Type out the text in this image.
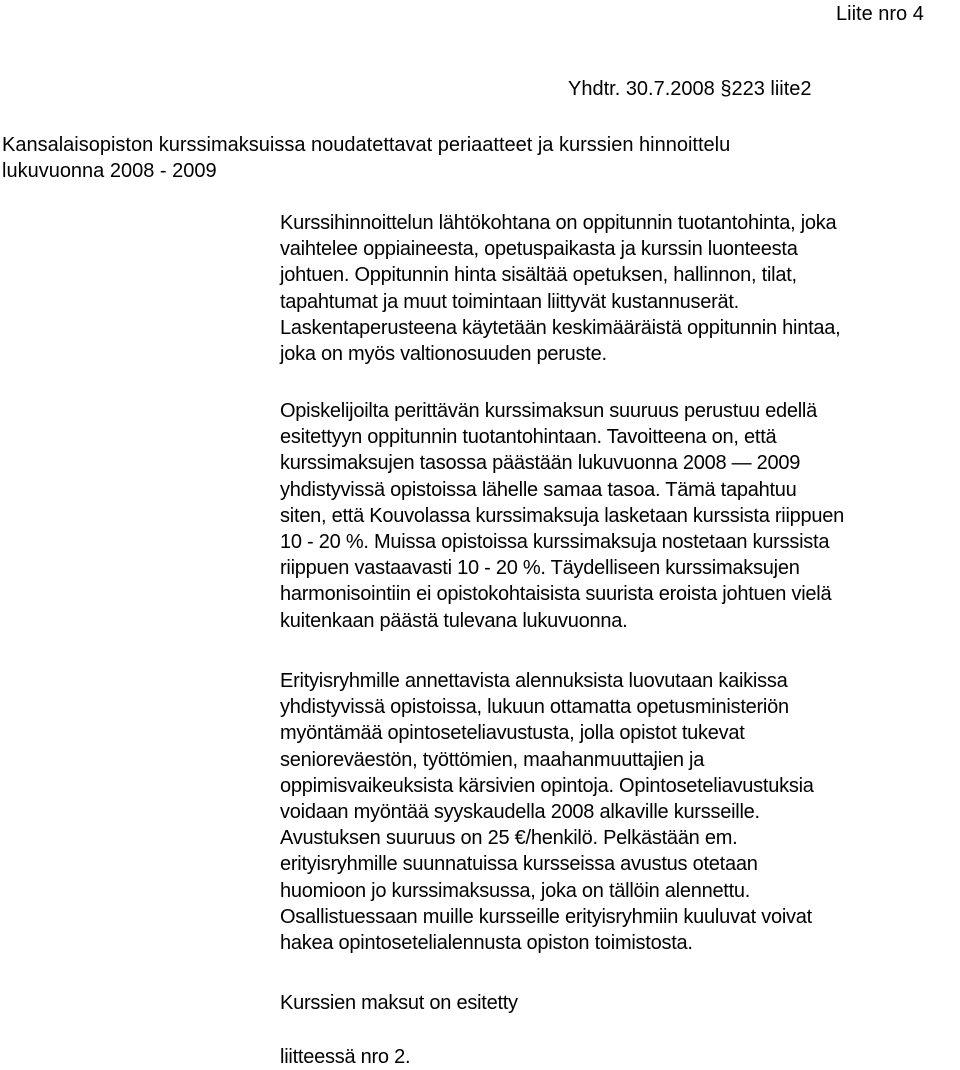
Liite nro 4
Yhdtr. 30.7.2008 §223 liite2
Kansalaisopiston kurssimaksuissa noudatettavat periaatteet ja kurssien hinnoittelu
lukuvuonna 2008 - 2009
Kurssihinnoittelun lähtökohtana on oppitunnin tuotantohinta, joka
vaihtelee oppiaineesta, opetuspaikasta ja kurssin luonteesta
johtuen. Oppitunnin hinta sisältää opetuksen, hallinnon, tilat,
tapahtumat ja muut toimintaan liittyvät kustannuserät.
Laskentaperusteena käytetään keskimääräistä oppitunnin hintaa,
joka on myös valtionosuuden peruste.
Opiskelijoilta perittävän kurssimaksun suuruus perustuu edellä
esitettyyn oppitunnin tuotantohintaan. Tavoitteena on, että
kurssimaksujen tasossa päästään lukuvuonna 2008 — 2009
yhdistyvissä opistoissa lähelle samaa tasoa. Tämä tapahtuu
siten, että Kouvolassa kurssimaksuja lasketaan kurssista riippuen
10 - 20 %. Muissa opistoissa kurssimaksuja nostetaan kurssista
riippuen vastaavasti 10 - 20 %. Täydelliseen kurssimaksujen
harmonisointiin ei opistokohtaisista suurista eroista johtuen vielä
kuitenkaan päästä tulevana lukuvuonna.
Erityisryhmille annettavista alennuksista luovutaan kaikissa
yhdistyvissä opistoissa, lukuun ottamatta opetusministeriön
myöntämää opintoseteliavustusta, jolla opistot tukevat
senioreväestön, työttömien, maahanmuuttajien ja
oppimisvaikeuksista kärsivien opintoja. Opintoseteliavustuksia
voidaan myöntää syyskaudella 2008 alkaville kursseille.
Avustuksen suuruus on 25 €/henkilö. Pelkästään em.
erityisryhmille suunnatuissa kursseissa avustus otetaan
huomioon jo kurssimaksussa, joka on tällöin alennettu.
Osallistuessaan muille kursseille erityisryhmiin kuuluvat voivat
hakea opintosetelialennusta opiston toimistosta.
Kurssien maksut on esitetty
liitteessä nro 2.
